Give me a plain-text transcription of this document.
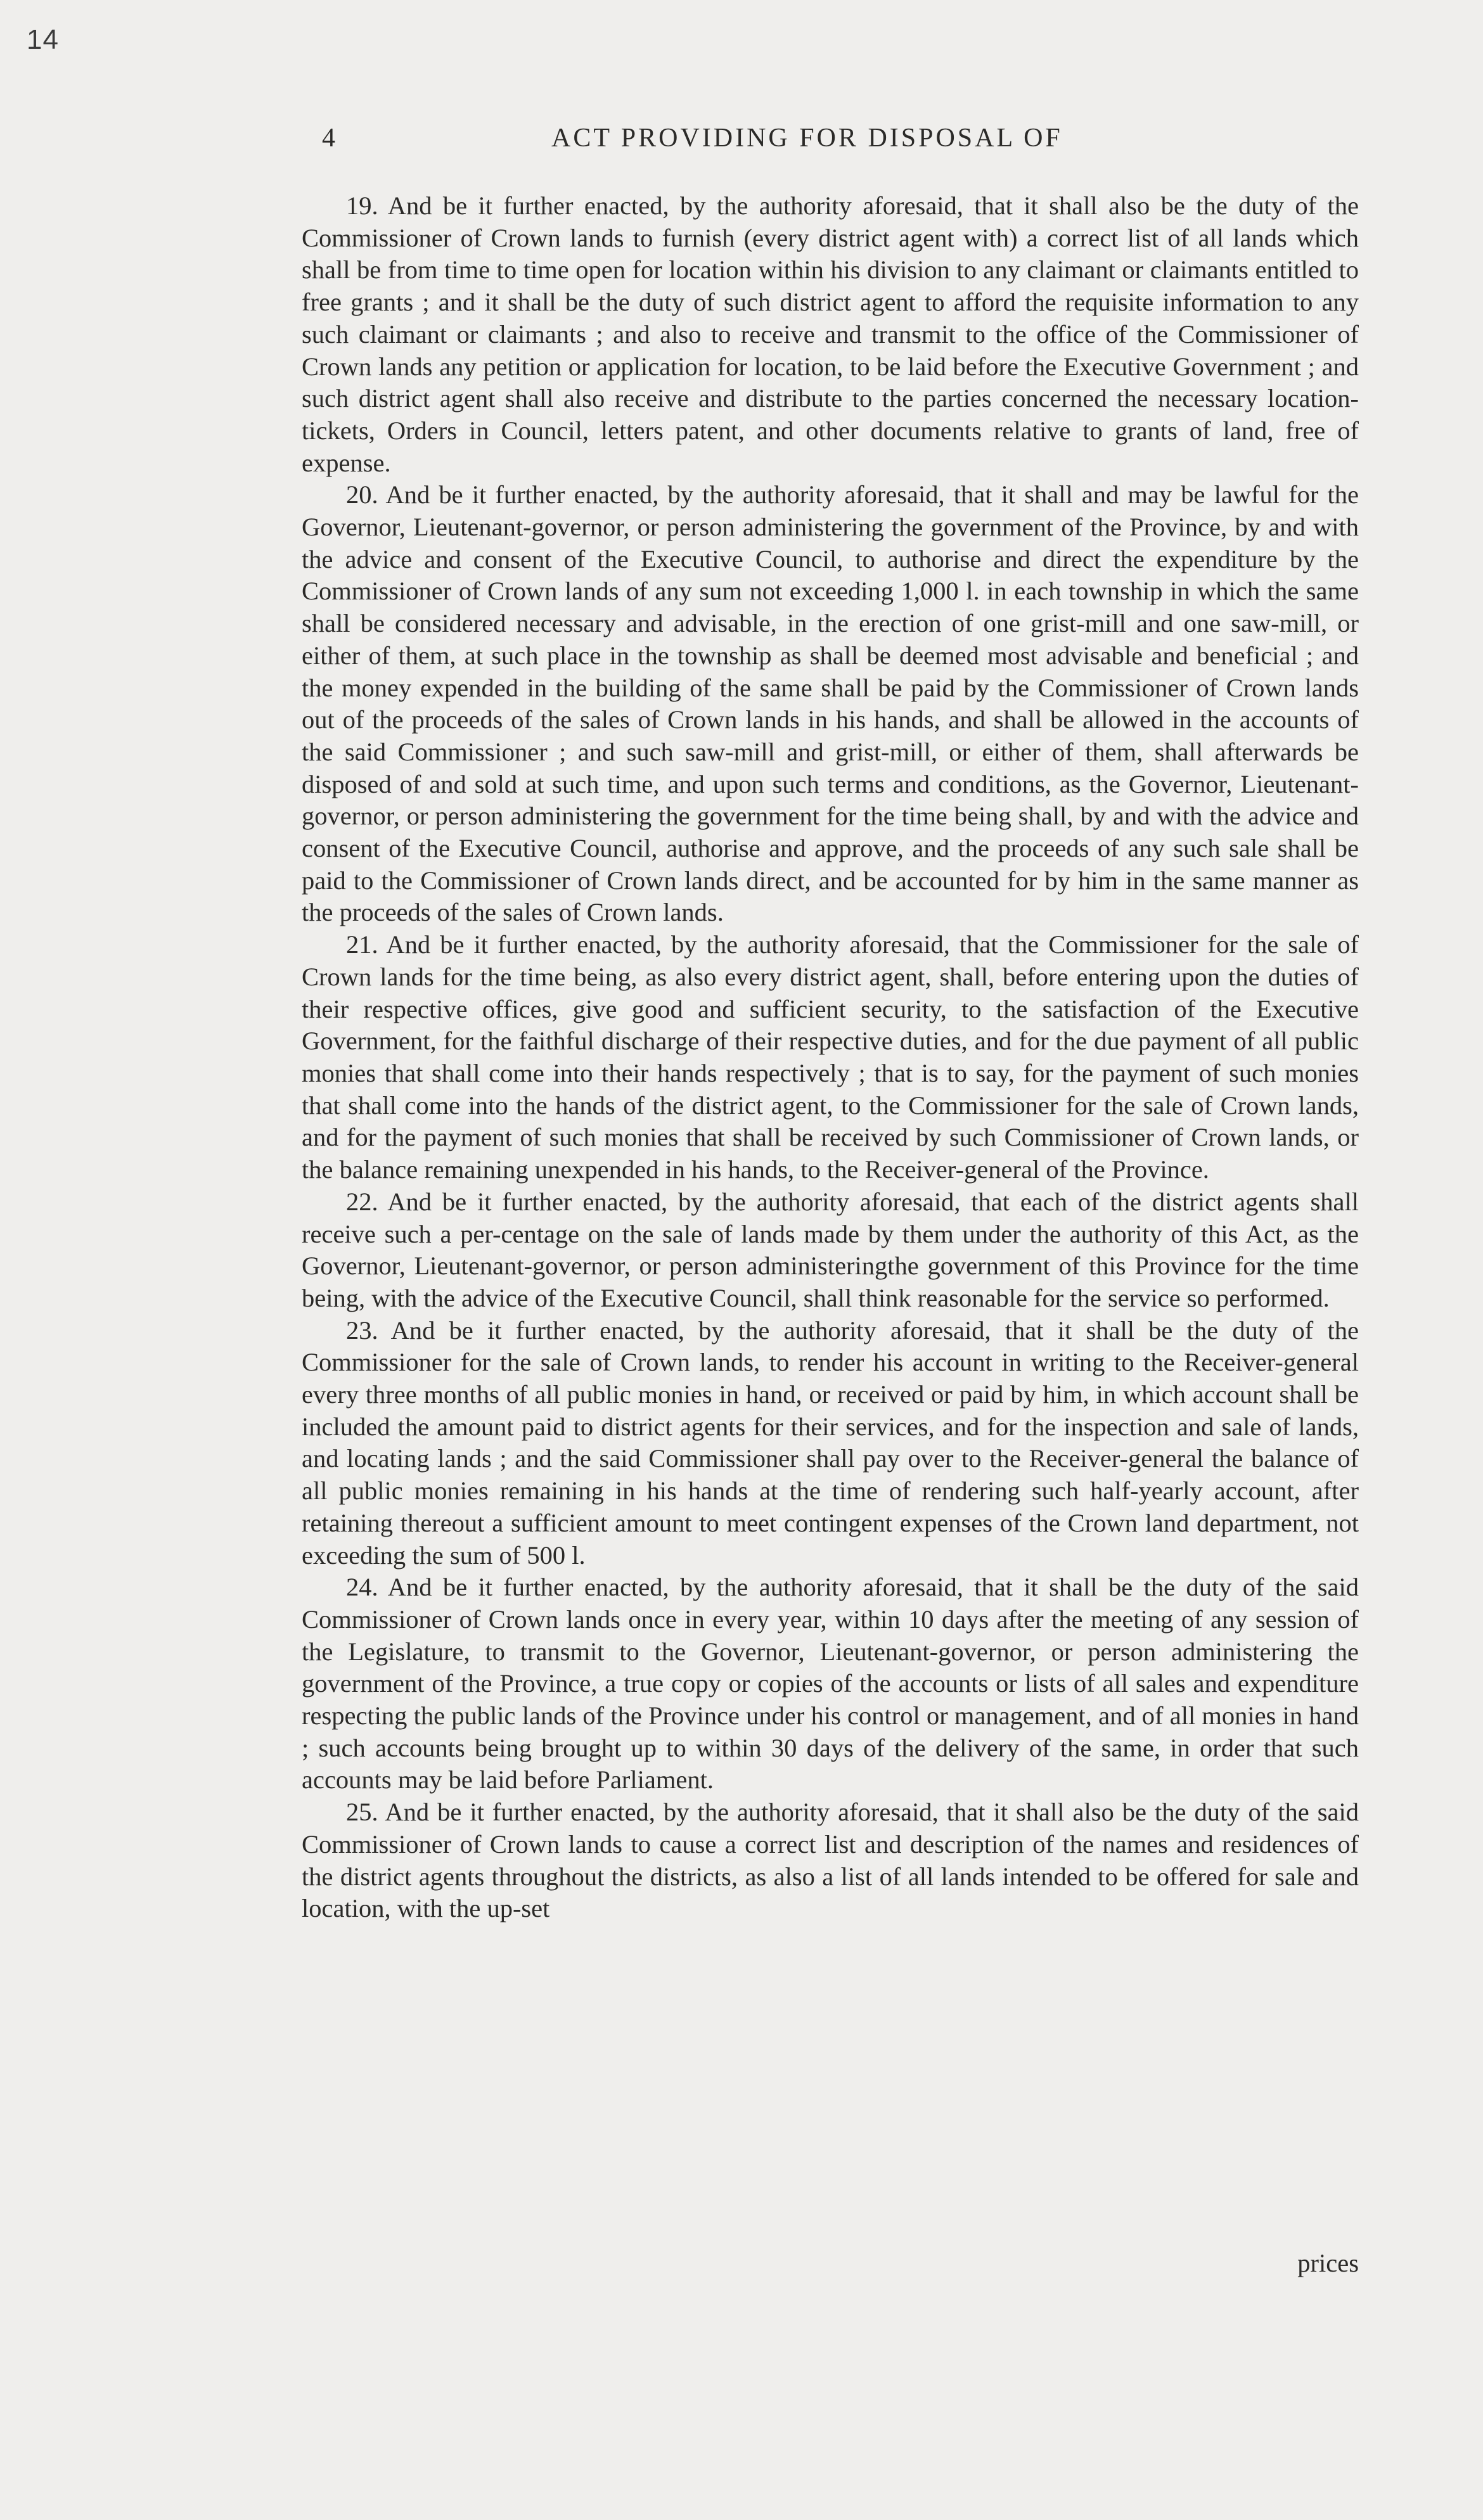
14
4	ACT PROVIDING FOR DISPOSAL OF

19. And be it further enacted, by the authority aforesaid, that it shall also be the duty of the Commissioner of Crown lands to furnish (every district agent with) a correct list of all lands which shall be from time to time open for location within his division to any claimant or claimants entitled to free grants ; and it shall be the duty of such district agent to afford the requisite information to any such claimant or claimants ; and also to receive and transmit to the office of the Commissioner of Crown lands any petition or application for location, to be laid before the Executive Government ; and such district agent shall also receive and distribute to the parties concerned the necessary location-tickets, Orders in Council, letters patent, and other documents relative to grants of land, free of expense.

20. And be it further enacted, by the authority aforesaid, that it shall and may be lawful for the Governor, Lieutenant-governor, or person administering the government of the Province, by and with the advice and consent of the Executive Council, to authorise and direct the expenditure by the Commissioner of Crown lands of any sum not exceeding 1,000 l. in each township in which the same shall be considered necessary and advisable, in the erection of one grist-mill and one saw-mill, or either of them, at such place in the township as shall be deemed most advisable and beneficial ; and the money expended in the building of the same shall be paid by the Commissioner of Crown lands out of the proceeds of the sales of Crown lands in his hands, and shall be allowed in the accounts of the said Commissioner ; and such saw-mill and grist-mill, or either of them, shall afterwards be disposed of and sold at such time, and upon such terms and conditions, as the Governor, Lieutenant-governor, or person administering the government for the time being shall, by and with the advice and consent of the Executive Council, authorise and approve, and the proceeds of any such sale shall be paid to the Commissioner of Crown lands direct, and be accounted for by him in the same manner as the proceeds of the sales of Crown lands.

21. And be it further enacted, by the authority aforesaid, that the Commissioner for the sale of Crown lands for the time being, as also every district agent, shall, before entering upon the duties of their respective offices, give good and sufficient security, to the satisfaction of the Executive Government, for the faithful discharge of their respective duties, and for the due payment of all public monies that shall come into their hands respectively ; that is to say, for the payment of such monies that shall come into the hands of the district agent, to the Commissioner for the sale of Crown lands, and for the payment of such monies that shall be received by such Commissioner of Crown lands, or the balance remaining unexpended in his hands, to the Receiver-general of the Province.

22. And be it further enacted, by the authority aforesaid, that each of the district agents shall receive such a per-centage on the sale of lands made by them under the authority of this Act, as the Governor, Lieutenant-governor, or person administeringthe government of this Province for the time being, with the advice of the Executive Council, shall think reasonable for the service so performed.

23. And be it further enacted, by the authority aforesaid, that it shall be the duty of the Commissioner for the sale of Crown lands, to render his account in writing to the Receiver-general every three months of all public monies in hand, or received or paid by him, in which account shall be included the amount paid to district agents for their services, and for the inspection and sale of lands, and locating lands ; and the said Commissioner shall pay over to the Receiver-general the balance of all public monies remaining in his hands at the time of rendering such half-yearly account, after retaining thereout a sufficient amount to meet contingent expenses of the Crown land department, not exceeding the sum of 500 l.

24. And be it further enacted, by the authority aforesaid, that it shall be the duty of the said Commissioner of Crown lands once in every year, within 10 days after the meeting of any session of the Legislature, to transmit to the Governor, Lieutenant-governor, or person administering the government of the Province, a true copy or copies of the accounts or lists of all sales and expenditure respecting the public lands of the Province under his control or management, and of all monies in hand ; such accounts being brought up to within 30 days of the delivery of the same, in order that such accounts may be laid before Parliament.

25. And be it further enacted, by the authority aforesaid, that it shall also be the duty of the said Commissioner of Crown lands to cause a correct list and description of the names and residences of the district agents throughout the districts, as also a list of all lands intended to be offered for sale and location, with the up-set

prices
